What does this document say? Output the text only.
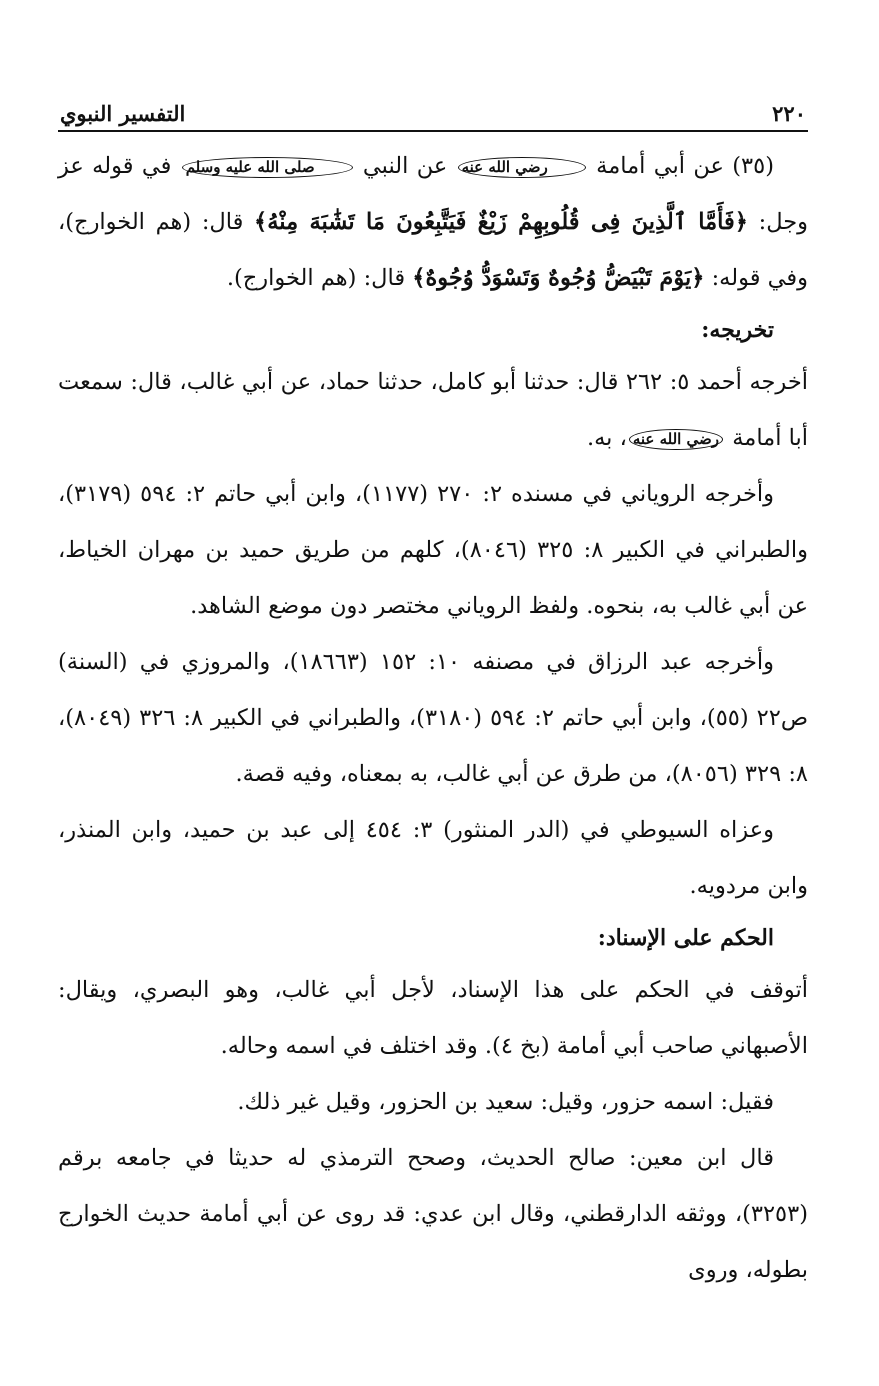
٢٢٠
التفسير النبوي

(٣٥) عن أبي أمامة رضي الله عنه عن النبي صلى الله عليه وسلم في قوله عز وجل: ﴿فَأَمَّا ٱلَّذِينَ فِى قُلُوبِهِمْ زَيْغٌ فَيَتَّبِعُونَ مَا تَشَٰبَهَ مِنْهُ﴾ قال: (هم الخوارج)، وفي قوله: ﴿يَوْمَ تَبْيَضُّ وُجُوهٌ وَتَسْوَدُّ وُجُوهٌ﴾ قال: (هم الخوارج).

تخريجه:

أخرجه أحمد ٥: ٢٦٢ قال: حدثنا أبو كامل، حدثنا حماد، عن أبي غالب، قال: سمعت أبا أمامة رضي الله عنه، به.

وأخرجه الروياني في مسنده ٢: ٢٧٠ (١١٧٧)، وابن أبي حاتم ٢: ٥٩٤ (٣١٧٩)، والطبراني في الكبير ٨: ٣٢٥ (٨٠٤٦)، كلهم من طريق حميد بن مهران الخياط، عن أبي غالب به، بنحوه. ولفظ الروياني مختصر دون موضع الشاهد.

وأخرجه عبد الرزاق في مصنفه ١٠: ١٥٢ (١٨٦٦٣)، والمروزي في (السنة) ص٢٢ (٥٥)، وابن أبي حاتم ٢: ٥٩٤ (٣١٨٠)، والطبراني في الكبير ٨: ٣٢٦ (٨٠٤٩)، ٨: ٣٢٩ (٨٠٥٦)، من طرق عن أبي غالب، به بمعناه، وفيه قصة.

وعزاه السيوطي في (الدر المنثور) ٣: ٤٥٤ إلى عبد بن حميد، وابن المنذر، وابن مردويه.

الحكم على الإسناد:

أتوقف في الحكم على هذا الإسناد، لأجل أبي غالب، وهو البصري، ويقال: الأصبهاني صاحب أبي أمامة (بخ ٤). وقد اختلف في اسمه وحاله.

فقيل: اسمه حزور، وقيل: سعيد بن الحزور، وقيل غير ذلك.

قال ابن معين: صالح الحديث، وصحح الترمذي له حديثا في جامعه برقم (٣٢٥٣)، ووثقه الدارقطني، وقال ابن عدي: قد روى عن أبي أمامة حديث الخوارج بطوله، وروى
